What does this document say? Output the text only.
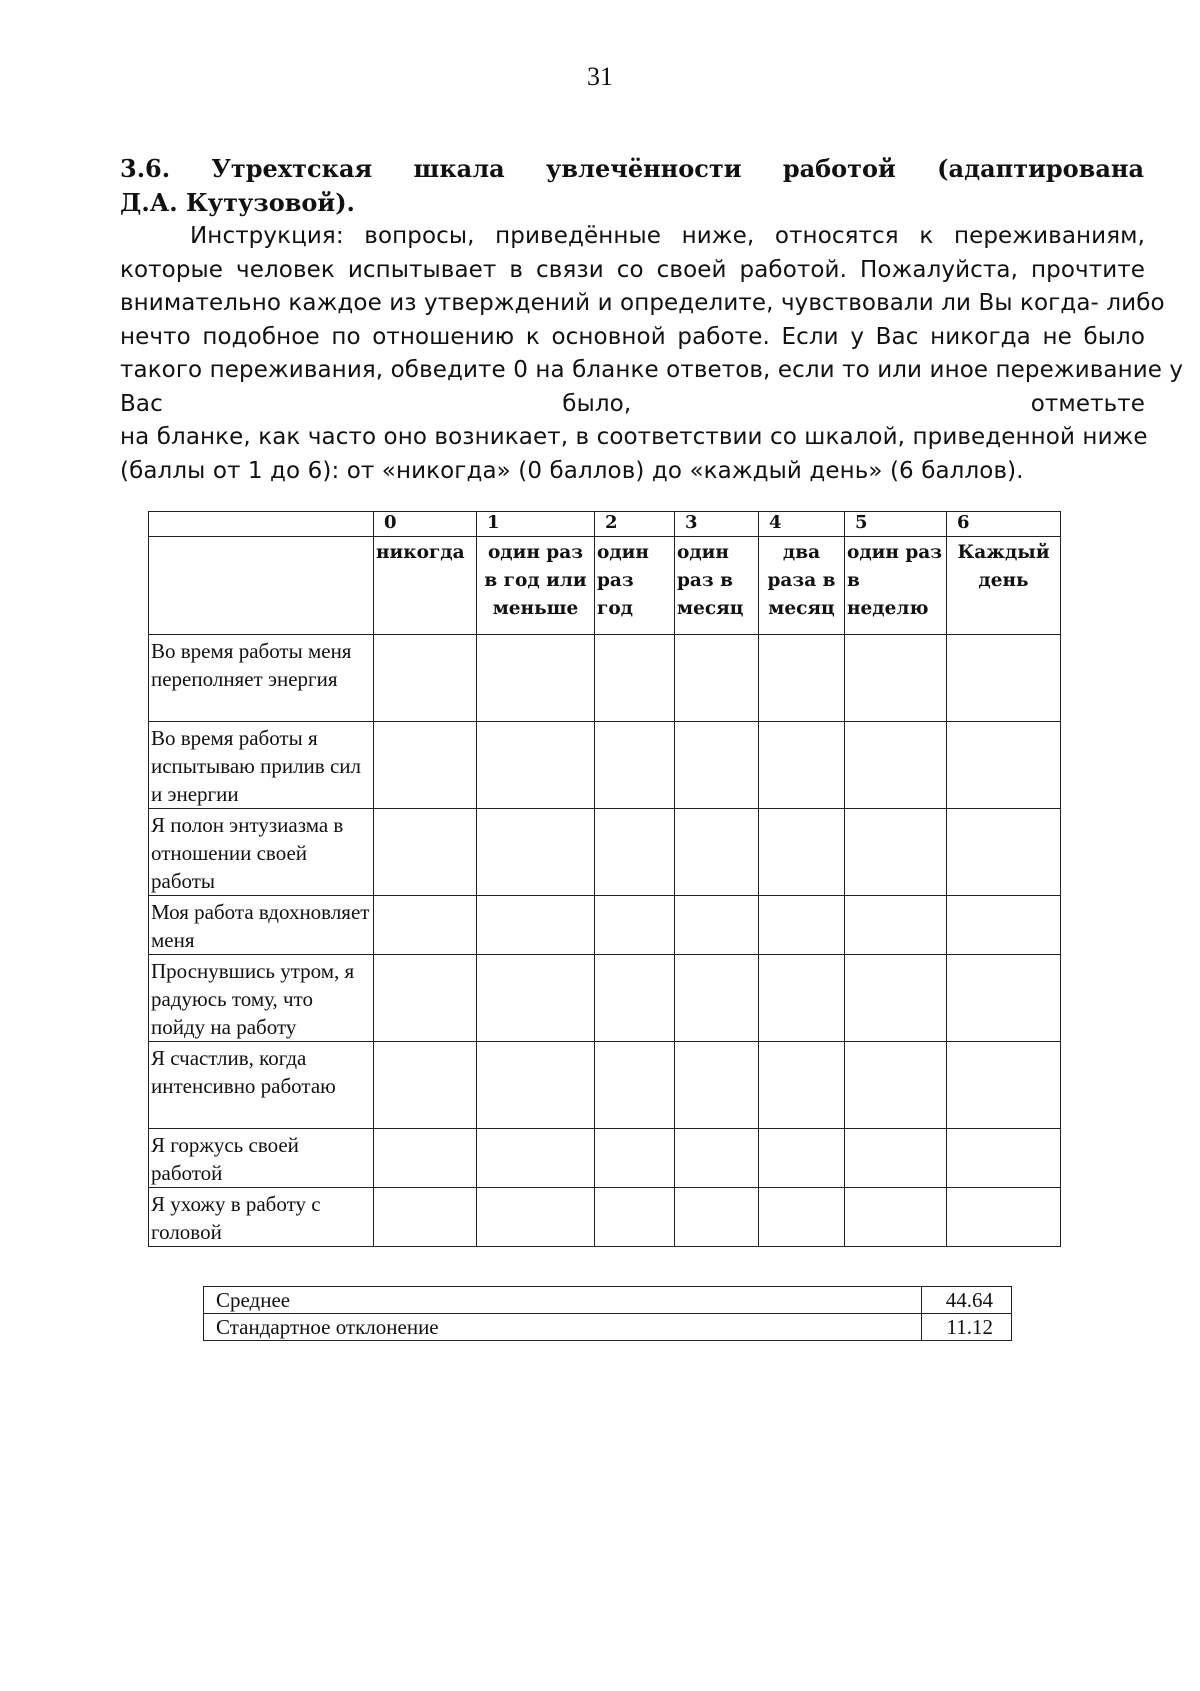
31
3.6. Утрехтская шкала увлечённости работой (адаптирована
Д.А. Кутузовой).
Инструкция: вопросы, приведённые ниже, относятся к переживаниям,
которые человек испытывает в связи со своей работой. Пожалуйста, прочтите
внимательно каждое из утверждений и определите, чувствовали ли Вы когда- либо
нечто подобное по отношению к основной работе. Если у Вас никогда не было
такого переживания, обведите 0 на бланке ответов, если то или иное переживание у
Вас было, отметьте
на бланке, как часто оно возникает, в соответствии со шкалой, приведенной ниже
(баллы от 1 до 6): от «никогда» (0 баллов) до «каждый день» (6 баллов).
	0	1	2	3	4	5	6
	никогда	один раз в год или меньше	один раз год	один раз в месяц	два раза в месяц	один раз в неделю	Каждый день
Во время работы меня переполняет энергия							
Во время работы я испытываю прилив сил и энергии							
Я полон энтузиазма в отношении своей работы							
Моя работа вдохновляет меня							
Проснувшись утром, я радуюсь тому, что пойду на работу							
Я счастлив, когда интенсивно работаю							
Я горжусь своей работой							
Я ухожу в работу с головой							
Среднее	44.64
Стандартное отклонение	11.12
